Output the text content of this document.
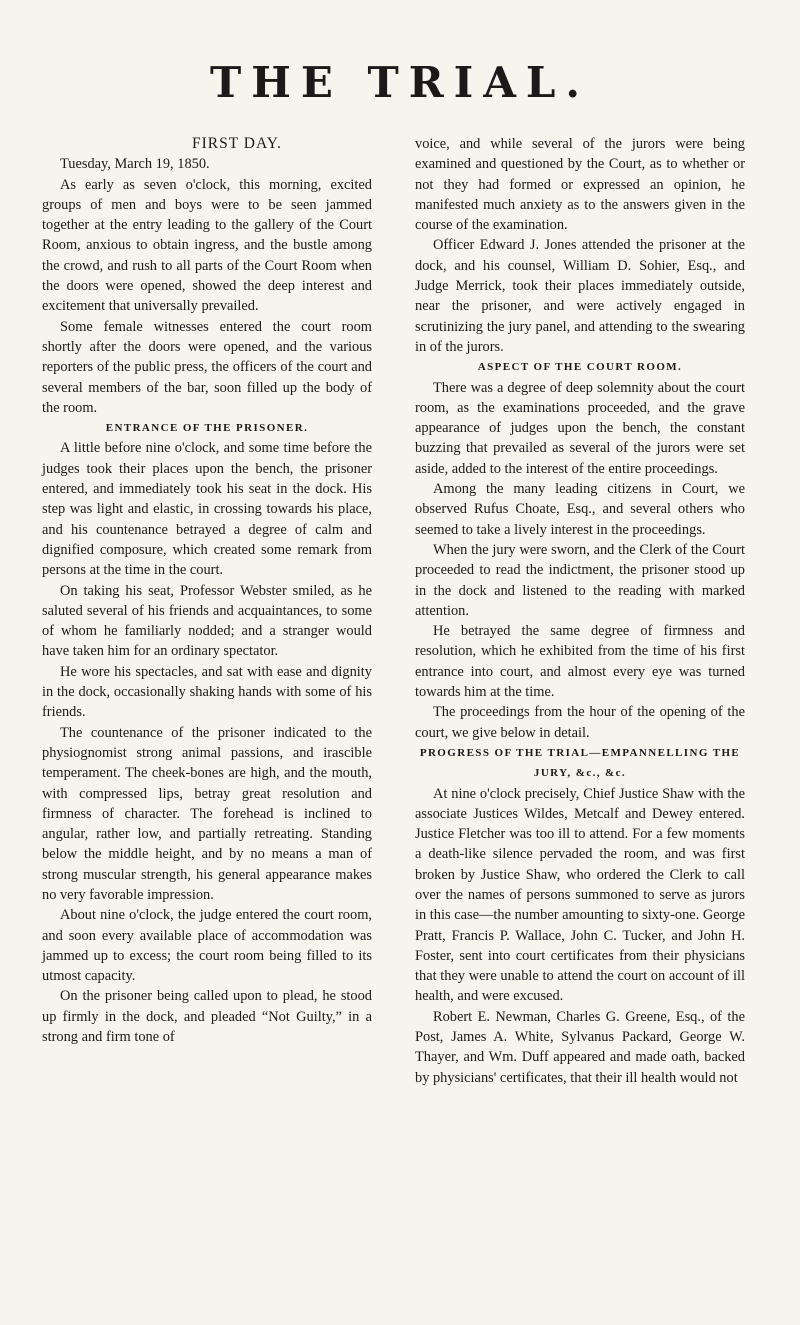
THE TRIAL.

FIRST DAY.

Tuesday, March 19, 1850.

As early as seven o'clock, this morning, excited groups of men and boys were to be seen jammed together at the entry leading to the gallery of the Court Room, anxious to obtain ingress, and the bustle among the crowd, and rush to all parts of the Court Room when the doors were opened, showed the deep interest and excitement that universally prevailed.

Some female witnesses entered the court room shortly after the doors were opened, and the various reporters of the public press, the officers of the court and several members of the bar, soon filled up the body of the room.

ENTRANCE OF THE PRISONER.

A little before nine o'clock, and some time before the judges took their places upon the bench, the prisoner entered, and immediately took his seat in the dock. His step was light and elastic, in crossing towards his place, and his countenance betrayed a degree of calm and dignified composure, which created some remark from persons at the time in the court.

On taking his seat, Professor Webster smiled, as he saluted several of his friends and acquaintances, to some of whom he familiarly nodded; and a stranger would have taken him for an ordinary spectator.

He wore his spectacles, and sat with ease and dignity in the dock, occasionally shaking hands with some of his friends.

The countenance of the prisoner indicated to the physiognomist strong animal passions, and irascible temperament. The cheek-bones are high, and the mouth, with compressed lips, betray great resolution and firmness of character. The forehead is inclined to angular, rather low, and partially retreating. Standing below the middle height, and by no means a man of strong muscular strength, his general appearance makes no very favorable impression.

About nine o'clock, the judge entered the court room, and soon every available place of accommodation was jammed up to excess; the court room being filled to its utmost capacity.

On the prisoner being called upon to plead, he stood up firmly in the dock, and pleaded “Not Guilty,” in a strong and firm tone of

voice, and while several of the jurors were being examined and questioned by the Court, as to whether or not they had formed or expressed an opinion, he manifested much anxiety as to the answers given in the course of the examination.

Officer Edward J. Jones attended the prisoner at the dock, and his counsel, William D. Sohier, Esq., and Judge Merrick, took their places immediately outside, near the prisoner, and were actively engaged in scrutinizing the jury panel, and attending to the swearing in of the jurors.

ASPECT OF THE COURT ROOM.

There was a degree of deep solemnity about the court room, as the examinations proceeded, and the grave appearance of judges upon the bench, the constant buzzing that prevailed as several of the jurors were set aside, added to the interest of the entire proceedings.

Among the many leading citizens in Court, we observed Rufus Choate, Esq., and several others who seemed to take a lively interest in the proceedings.

When the jury were sworn, and the Clerk of the Court proceeded to read the indictment, the prisoner stood up in the dock and listened to the reading with marked attention.

He betrayed the same degree of firmness and resolution, which he exhibited from the time of his first entrance into court, and almost every eye was turned towards him at the time.

The proceedings from the hour of the opening of the court, we give below in detail.

PROGRESS OF THE TRIAL—EMPANNELLING THE

JURY, &c., &c.

At nine o'clock precisely, Chief Justice Shaw with the associate Justices Wildes, Metcalf and Dewey entered. Justice Fletcher was too ill to attend. For a few moments a death-like silence pervaded the room, and was first broken by Justice Shaw, who ordered the Clerk to call over the names of persons summoned to serve as jurors in this case—the number amounting to sixty-one. George Pratt, Francis P. Wallace, John C. Tucker, and John H. Foster, sent into court certificates from their physicians that they were unable to attend the court on account of ill health, and were excused.

Robert E. Newman, Charles G. Greene, Esq., of the Post, James A. White, Sylvanus Packard, George W. Thayer, and Wm. Duff appeared and made oath, backed by physicians' certificates, that their ill health would not
